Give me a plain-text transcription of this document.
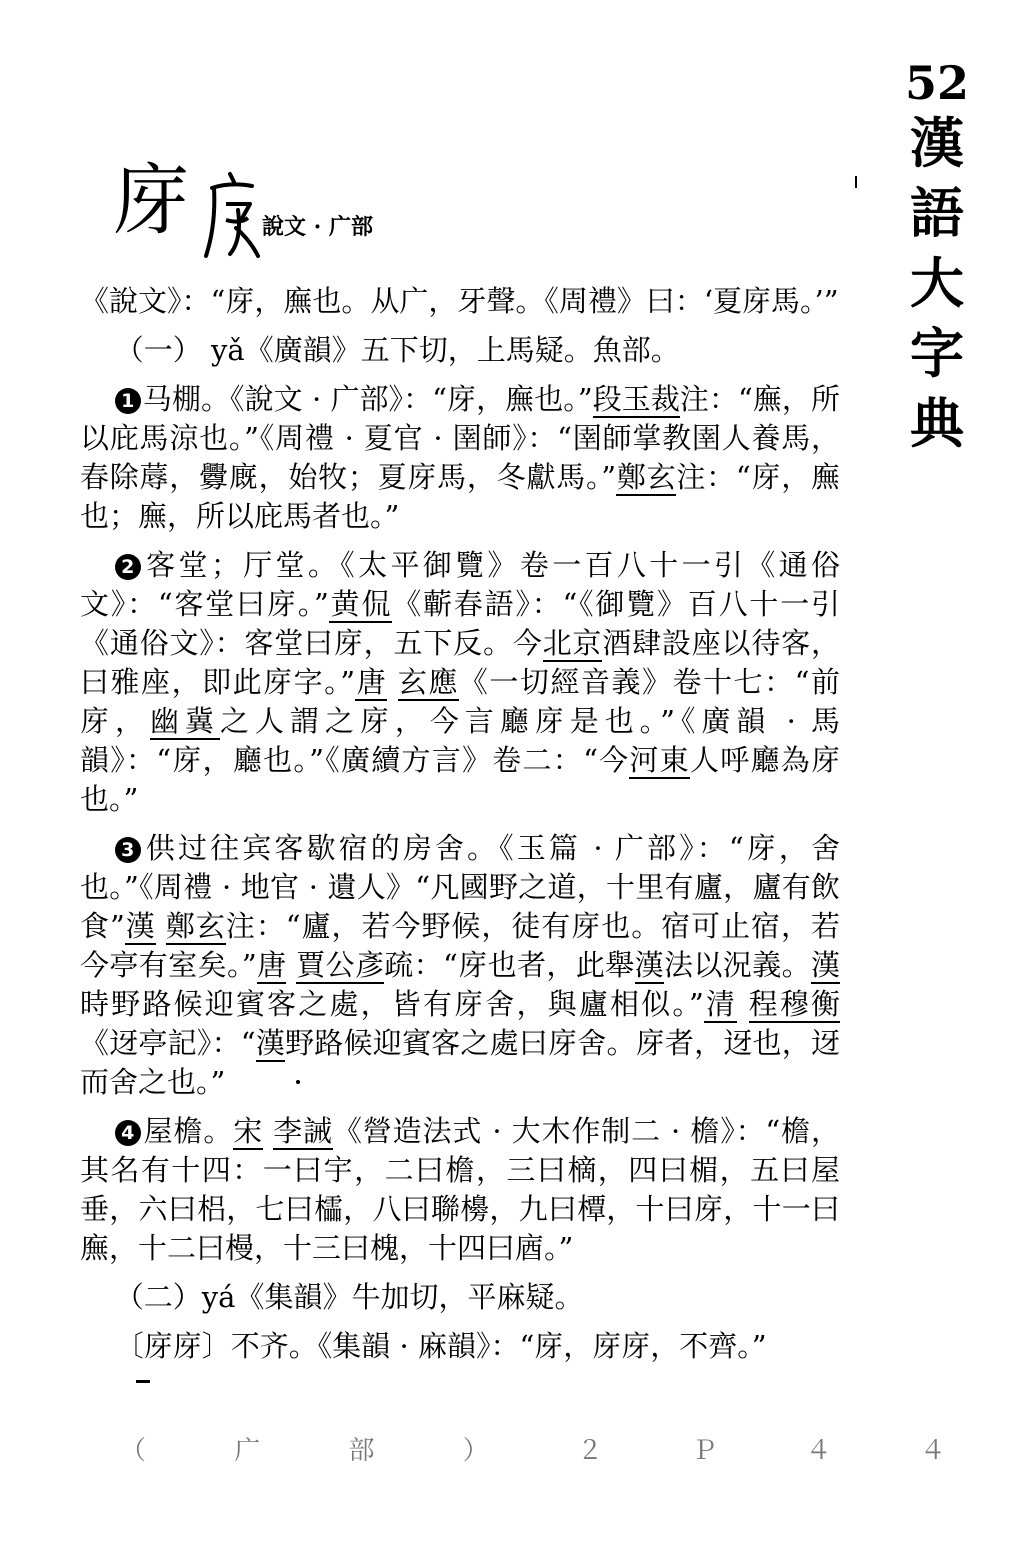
52
漢
語
大
字
典
庌	說文 · 广部

《說文》：“庌，廡也。从广，牙聲。《周禮》曰：‘夏庌馬。’”

（一） yǎ《廣韻》五下切，上馬疑。魚部。

1 马棚。《說文 · 广部》：“庌，廡也。”段玉裁注：“廡，所以庇馬涼也。”《周禮 · 夏官 · 圉師》：“圉師掌教圉人養馬，春除蓐，釁廐，始牧；夏庌馬，冬獻馬。”鄭玄注：“庌，廡也；廡，所以庇馬者也。”

2 客堂；厅堂。《太平御覽》卷一百八十一引《通俗文》：“客堂曰庌。”黄侃《蘄春語》：“《御覽》百八十一引《通俗文》：客堂曰庌，五下反。今北京酒肆設座以待客，曰雅座，即此庌字。”唐 玄應《一切經音義》卷十七：“前庌，幽冀之人謂之庌，今言廳庌是也。”《廣韻 · 馬韻》：“庌，廳也。”《廣續方言》卷二：“今河東人呼廳為庌也。”

3 供过往宾客歇宿的房舍。《玉篇 · 广部》：“庌，舍也。”《周禮 · 地官 · 遺人》“凡國野之道，十里有廬，廬有飲食”漢 鄭玄注：“廬，若今野候，徒有庌也。宿可止宿，若今亭有室矣。”唐 賈公彥疏：“庌也者，此舉漢法以況義。漢時野路候迎賓客之處，皆有庌舍，與廬相似。”清 程穆衡《迓亭記》：“漢野路候迎賓客之處曰庌舍。庌者，迓也，迓而舍之也。”

4 屋檐。宋 李誡《營造法式 · 大木作制二 · 檐》：“檐，其名有十四：一曰宇，二曰檐，三曰樀，四曰楣，五曰屋垂，六曰梠，七曰櫺，八曰聯櫋，九曰橝，十曰庌，十一曰廡，十二曰槾，十三曰槐，十四曰庮。”

（二）yá《集韻》牛加切，平麻疑。

〔庌庌〕不齐。《集韻 · 麻韻》：“庌，庌庌，不齊。”

（ 广 部 ） ２ Ｐ ４ ４
